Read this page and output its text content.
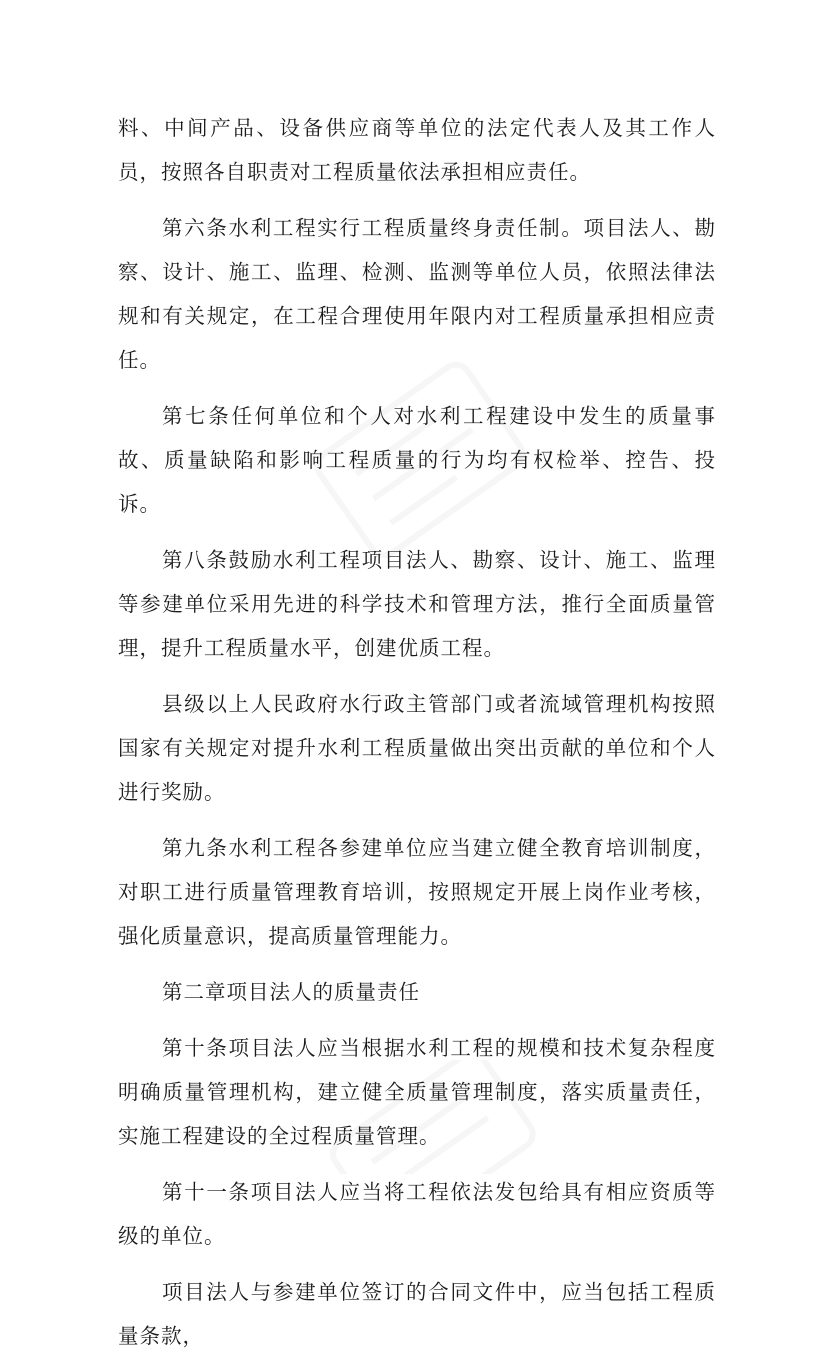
料、中间产品、设备供应商等单位的法定代表人及其工作人员，按照各自职责对工程质量依法承担相应责任。

第六条水利工程实行工程质量终身责任制。项目法人、勘察、设计、施工、监理、检测、监测等单位人员，依照法律法规和有关规定，在工程合理使用年限内对工程质量承担相应责任。

第七条任何单位和个人对水利工程建设中发生的质量事故、质量缺陷和影响工程质量的行为均有权检举、控告、投诉。

第八条鼓励水利工程项目法人、勘察、设计、施工、监理等参建单位采用先进的科学技术和管理方法，推行全面质量管理，提升工程质量水平，创建优质工程。

县级以上人民政府水行政主管部门或者流域管理机构按照国家有关规定对提升水利工程质量做出突出贡献的单位和个人进行奖励。

第九条水利工程各参建单位应当建立健全教育培训制度，对职工进行质量管理教育培训，按照规定开展上岗作业考核，强化质量意识，提高质量管理能力。

第二章项目法人的质量责任

第十条项目法人应当根据水利工程的规模和技术复杂程度明确质量管理机构，建立健全质量管理制度，落实质量责任，实施工程建设的全过程质量管理。

第十一条项目法人应当将工程依法发包给具有相应资质等级的单位。

项目法人与参建单位签订的合同文件中，应当包括工程质量条款，
